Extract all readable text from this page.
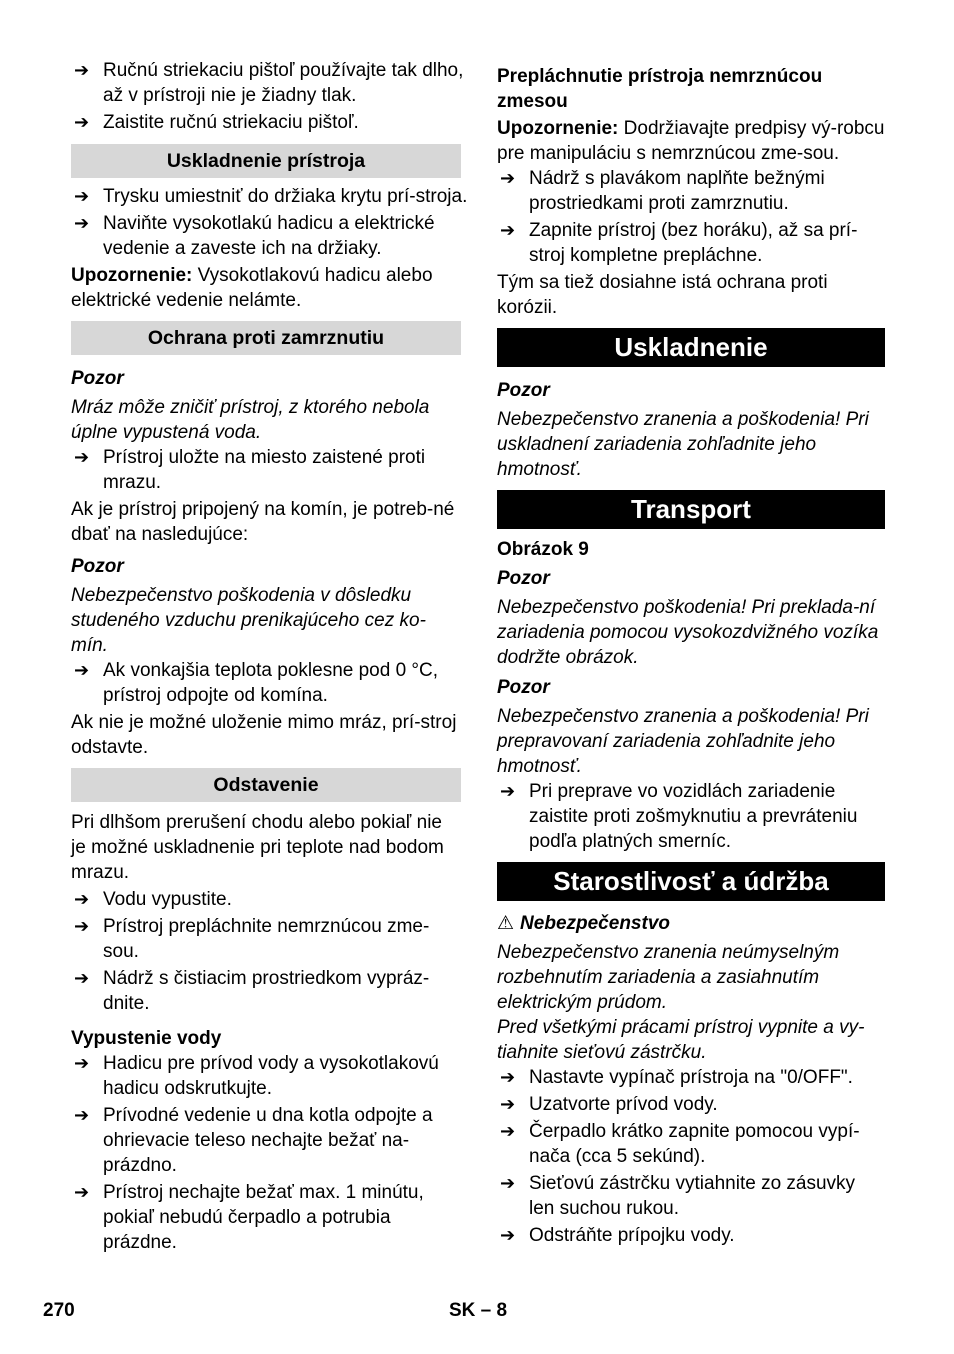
➔ Ručnú striekaciu pištoľ používajte tak dlho, až v prístroji nie je žiadny tlak.

➔ Zaistite ručnú striekaciu pištoľ.

Uskladnenie prístroja

➔ Trysku umiestniť do držiaka krytu prí-stroja.

➔ Naviňte vysokotlakú hadicu a elektrické vedenie a zaveste ich na držiaky.

Upozornenie: Vysokotlakovú hadicu alebo elektrické vedenie nelámte.

Ochrana proti zamrznutiu

Pozor

Mráz môže zničiť prístroj, z ktorého nebola úplne vypustená voda.

➔ Prístroj uložte na miesto zaistené proti mrazu.

Ak je prístroj pripojený na komín, je potreb-né dbať na nasledujúce:

Pozor

Nebezpečenstvo poškodenia v dôsledku studeného vzduchu prenikajúceho cez ko-mín.

➔ Ak vonkajšia teplota poklesne pod 0 °C, prístroj odpojte od komína.

Ak nie je možné uloženie mimo mráz, prí-stroj odstavte.

Odstavenie

Pri dlhšom prerušení chodu alebo pokiaľ nie je možné uskladnenie pri teplote nad bodom mrazu.

➔ Vodu vypustite.

➔ Prístroj prepláchnite nemrznúcou zme-sou.

➔ Nádrž s čistiacim prostriedkom vypráz-dnite.

Vypustenie vody

➔ Hadicu pre prívod vody a vysokotlakovú hadicu odskrutkujte.

➔ Prívodné vedenie u dna kotla odpojte a ohrievacie teleso nechajte bežať na-prázdno.

➔ Prístroj nechajte bežať max. 1 minútu, pokiaľ nebudú čerpadlo a potrubia prázdne.

Prepláchnutie prístroja nemrznúcou zmesou

Upozornenie: Dodržiavajte predpisy vý-robcu pre manipuláciu s nemrznúcou zme-sou.

➔ Nádrž s plavákom naplňte bežnými prostriedkami proti zamrznutiu.

➔ Zapnite prístroj (bez horáku), až sa prí-stroj kompletne prepláchne.

Tým sa tiež dosiahne istá ochrana proti korózii.

Uskladnenie

Pozor

Nebezpečenstvo zranenia a poškodenia! Pri uskladnení zariadenia zohľadnite jeho hmotnosť.

Transport

Obrázok 9

Pozor

Nebezpečenstvo poškodenia! Pri preklada-ní zariadenia pomocou vysokozdvižného vozíka dodržte obrázok.

Pozor

Nebezpečenstvo zranenia a poškodenia! Pri prepravovaní zariadenia zohľadnite jeho hmotnosť.

➔ Pri preprave vo vozidlách zariadenie zaistite proti zošmyknutiu a prevráteniu podľa platných smerníc.

Starostlivosť a údržba

⚠ Nebezpečenstvo

Nebezpečenstvo zranenia neúmyselným rozbehnutím zariadenia a zasiahnutím elektrickým prúdom.

Pred všetkými prácami prístroj vypnite a vy-tiahnite sieťovú zástrčku.

➔ Nastavte vypínač prístroja na "0/OFF".

➔ Uzatvorte prívod vody.

➔ Čerpadlo krátko zapnite pomocou vypí-nača (cca 5 sekúnd).

➔ Sieťovú zástrčku vytiahnite zo zásuvky len suchou rukou.

➔ Odstráňte prípojku vody.

270	SK – 8
